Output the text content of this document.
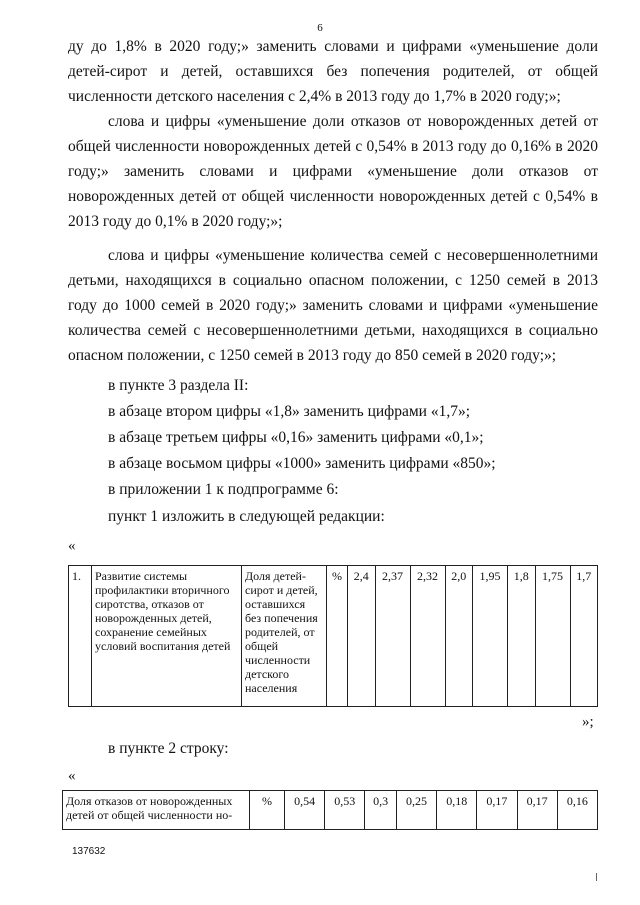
6

ду до 1,8% в 2020 году;» заменить словами и цифрами «уменьшение доли детей-сирот и детей, оставшихся без попечения родителей, от общей численности детского населения с 2,4% в 2013 году до 1,7% в 2020 году;»;

слова и цифры «уменьшение доли отказов от новорожденных детей от общей численности новорожденных детей с 0,54% в 2013 году до 0,16% в 2020 году;» заменить словами и цифрами «уменьшение доли отказов от новорожденных детей от общей численности новорожденных детей с 0,54% в 2013 году до 0,1% в 2020 году;»;

слова и цифры «уменьшение количества семей с несовершеннолетними детьми, находящихся в социально опасном положении, с 1250 семей в 2013 году до 1000 семей в 2020 году;» заменить словами и цифрами «уменьшение количества семей с несовершеннолетними детьми, находящихся в социально опасном положении, с 1250 семей в 2013 году до 850 семей в 2020 году;»;

в пункте 3 раздела II:

в абзаце втором цифры «1,8» заменить цифрами «1,7»;

в абзаце третьем цифры «0,16» заменить цифрами «0,1»;

в абзаце восьмом цифры «1000» заменить цифрами «850»;

в приложении 1 к подпрограмме 6:

пункт 1 изложить в следующей редакции:

«
1.	Развитие системы профилактики вторичного сиротства, отказов от новорожденных детей, сохранение семейных условий воспитания детей	Доля детей-сирот и детей, оставшихся без попечения родителей, от общей численности детского населения	%	2,4	2,37	2,32	2,0	1,95	1,8	1,75	1,7
»;

в пункте 2 строку:

«
Доля отказов от новорожденных детей от общей численности но-	%	0,54	0,53	0,3	0,25	0,18	0,17	0,17	0,16
137632
